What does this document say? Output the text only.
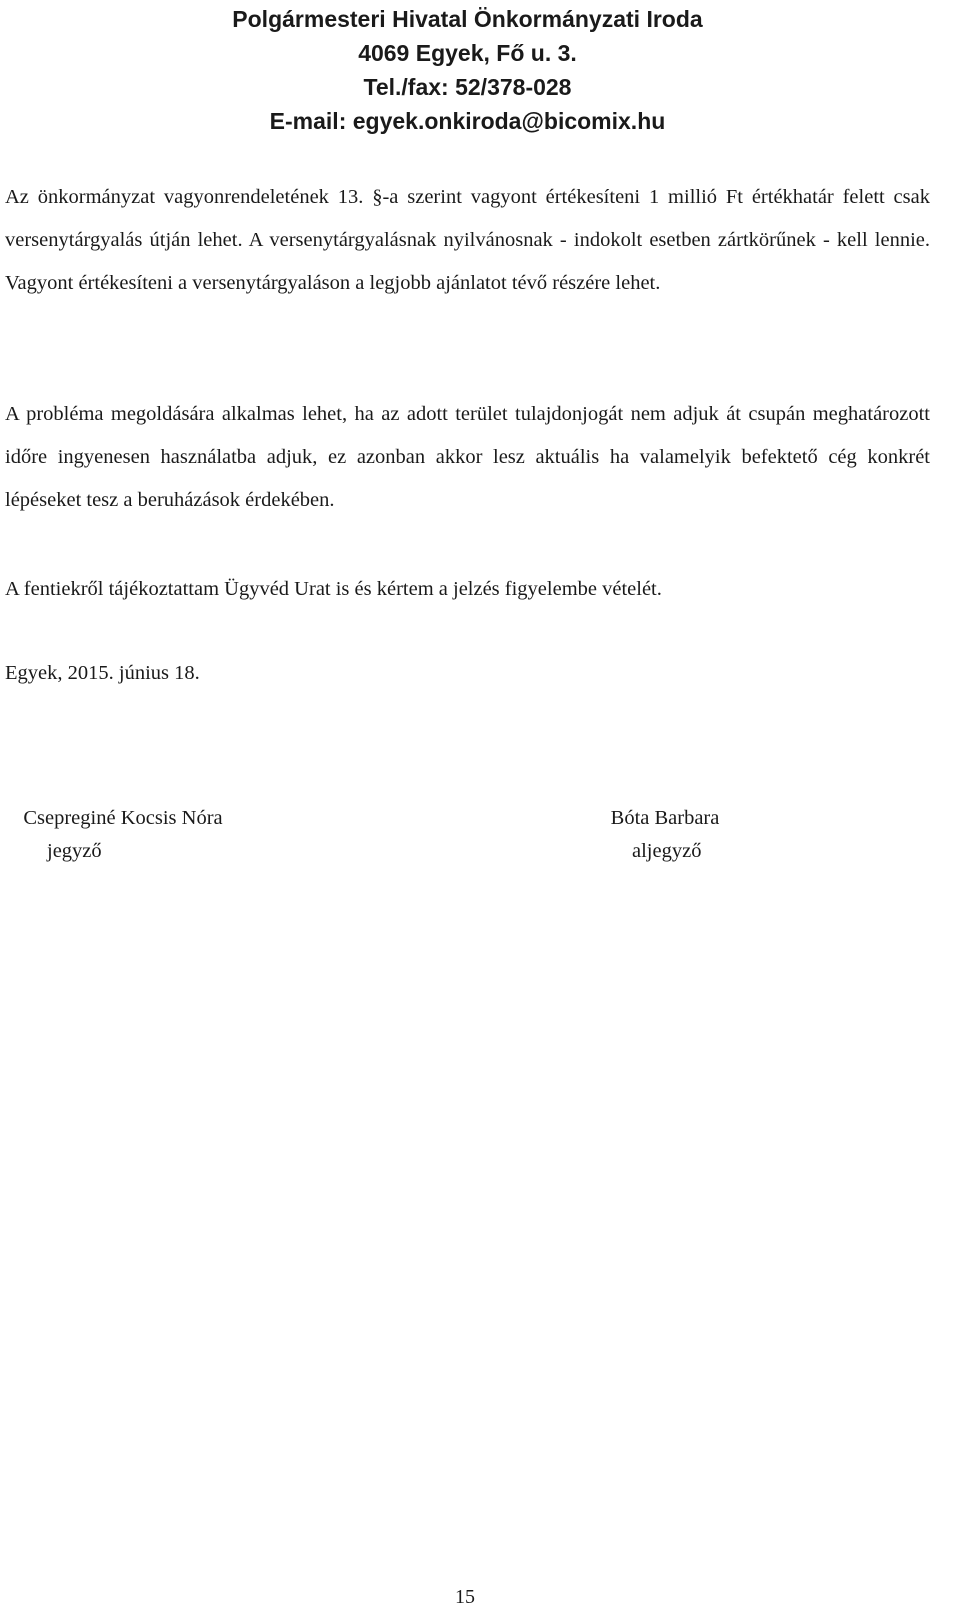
Polgármesteri Hivatal Önkormányzati Iroda
4069 Egyek, Fő u. 3.
Tel./fax: 52/378-028
E-mail: egyek.onkiroda@bicomix.hu

Az önkormányzat vagyonrendeletének 13. §-a szerint vagyont értékesíteni 1 millió Ft értékhatár felett csak versenytárgyalás útján lehet. A versenytárgyalásnak nyilvánosnak - indokolt esetben zártkörűnek - kell lennie. Vagyont értékesíteni a versenytárgyaláson a legjobb ajánlatot tévő részére lehet.

A probléma megoldására alkalmas lehet, ha az adott terület tulajdonjogát nem adjuk át csupán meghatározott időre ingyenesen használatba adjuk, ez azonban akkor lesz aktuális ha valamelyik befektető cég konkrét lépéseket tesz a beruházások érdekében.

A fentiekről tájékoztattam Ügyvéd Urat is és kértem a jelzés figyelembe vételét.

Egyek, 2015. június 18.

Csepreginé Kocsis Nóra
jegyző
Bóta Barbara
aljegyző
15
